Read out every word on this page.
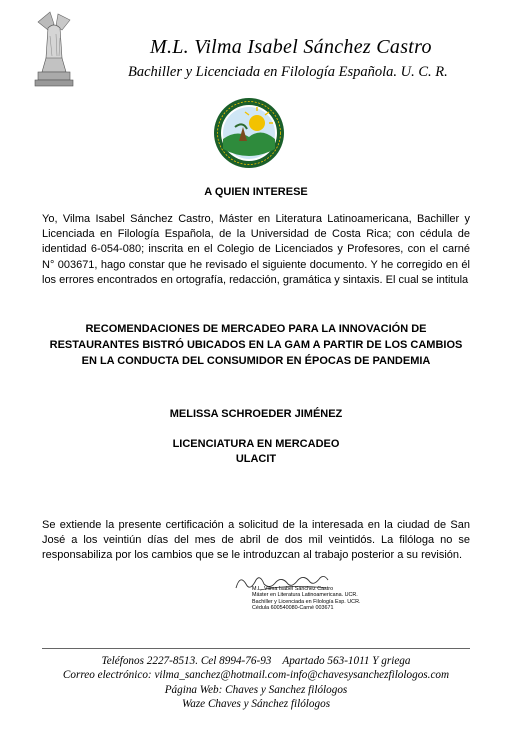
M.L. Vilma Isabel Sánchez Castro
Bachiller y Licenciada en Filología Española. U. C. R.
A QUIEN INTERESE

Yo, Vilma Isabel Sánchez Castro, Máster en Literatura Latinoamericana, Bachiller y Licenciada en Filología Española, de la Universidad de Costa Rica; con cédula de identidad 6-054-080; inscrita en el Colegio de Licenciados y Profesores, con el carné N° 003671, hago constar que he revisado el siguiente documento. Y he corregido en él los errores encontrados en ortografía, redacción, gramática y sintaxis. El cual se intitula

RECOMENDACIONES DE MERCADEO PARA LA INNOVACIÓN DE RESTAURANTES BISTRÓ UBICADOS EN LA GAM A PARTIR DE LOS CAMBIOS EN LA CONDUCTA DEL CONSUMIDOR EN ÉPOCAS DE PANDEMIA

MELISSA SCHROEDER JIMÉNEZ

LICENCIATURA EN MERCADEO
ULACIT

Se extiende la presente certificación a solicitud de la interesada en la ciudad de San José a los veintiún días del mes de abril de dos mil veintidós. La filóloga no se responsabiliza por los cambios que se le introduzcan al trabajo posterior a su revisión.

M.L. Vilma Isabel Sánchez Castro
Máster en Literatura Latinoamericana. UCR.
Bachiller y Licenciada en Filología Esp. UCR.
Cédula 600540080-Carné 003671
Teléfonos 2227-8513. Cel 8994-76-93    Apartado 563-1011 Y griega
Correo electrónico: vilma_sanchez@hotmail.com-info@chavesysanchezfilologos.com
Página Web: Chaves y Sanchez filólogos
Waze Chaves y Sánchez filólogos
